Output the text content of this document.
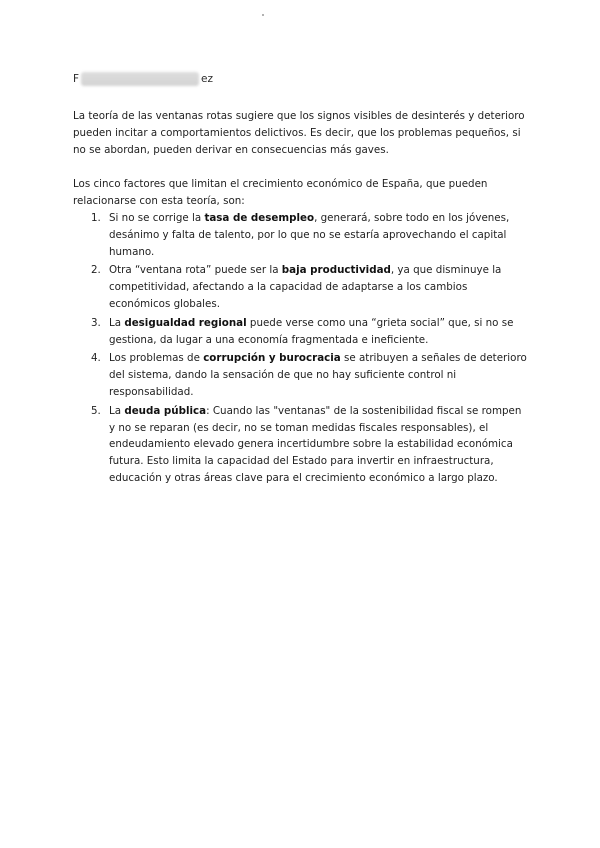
F	ez

La teoría de las ventanas rotas sugiere que los signos visibles de desinterés y deterioro pueden incitar a comportamientos delictivos. Es decir, que los problemas pequeños, si no se abordan, pueden derivar en consecuencias más gaves.

Los cinco factores que limitan el crecimiento económico de España, que pueden relacionarse con esta teoría, son:

1. Si no se corrige la tasa de desempleo, generará, sobre todo en los jóvenes, desánimo y falta de talento, por lo que no se estaría aprovechando el capital humano.
2. Otra “ventana rota” puede ser la baja productividad, ya que disminuye la competitividad, afectando a la capacidad de adaptarse a los cambios económicos globales.
3. La desigualdad regional puede verse como una “grieta social” que, si no se gestiona, da lugar a una economía fragmentada e ineficiente.
4. Los problemas de corrupción y burocracia se atribuyen a señales de deterioro del sistema, dando la sensación de que no hay suficiente control ni responsabilidad.
5. La deuda pública: Cuando las "ventanas" de la sostenibilidad fiscal se rompen y no se reparan (es decir, no se toman medidas fiscales responsables), el endeudamiento elevado genera incertidumbre sobre la estabilidad económica futura. Esto limita la capacidad del Estado para invertir en infraestructura, educación y otras áreas clave para el crecimiento económico a largo plazo.
